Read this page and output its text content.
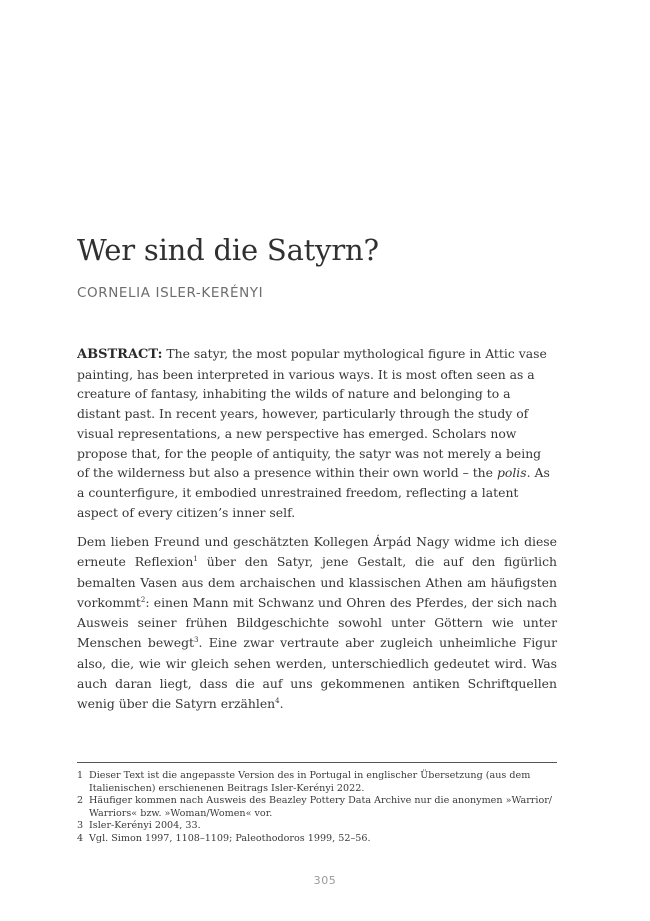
Wer sind die Satyrn?

CORNELIA ISLER-KERÉNYI

ABSTRACT: The satyr, the most popular mythological figure in Attic vase painting, has been interpreted in various ways. It is most often seen as a creature of fantasy, inhabiting the wilds of nature and belonging to a distant past. In recent years, however, particularly through the study of visual representations, a new perspective has emerged. Scholars now propose that, for the people of antiquity, the satyr was not merely a being of the wilderness but also a presence within their own world – the polis. As a counterfigure, it embodied unrestrained freedom, reflecting a latent aspect of every citizen’s inner self.

Dem lieben Freund und geschätzten Kollegen Árpád Nagy widme ich diese erneute Reflexion$^1$ über den Satyr, jene Gestalt, die auf den figürlich bemalten Vasen aus dem archaischen und klassischen Athen am häufigsten vorkommt$^2$: einen Mann mit Schwanz und Ohren des Pferdes, der sich nach Ausweis seiner frühen Bildgeschichte sowohl unter Göttern wie unter Menschen bewegt$^3$. Eine zwar vertraute aber zugleich unheimliche Figur also, die, wie wir gleich sehen werden, unterschiedlich gedeutet wird. Was auch daran liegt, dass die auf uns gekommenen antiken Schriftquellen wenig über die Satyrn erzählen$^4$.

1 Dieser Text ist die angepasste Version des in Portugal in englischer Übersetzung (aus dem Italienischen) erschienenen Beitrags Isler-Kerényi 2022.
2 Häufiger kommen nach Ausweis des Beazley Pottery Data Archive nur die anonymen »Warrior/ Warriors« bzw. »Woman/Women« vor.
3 Isler-Kerényi 2004, 33.
4 Vgl. Simon 1997, 1108–1109; Paleothodoros 1999, 52–56.
305
